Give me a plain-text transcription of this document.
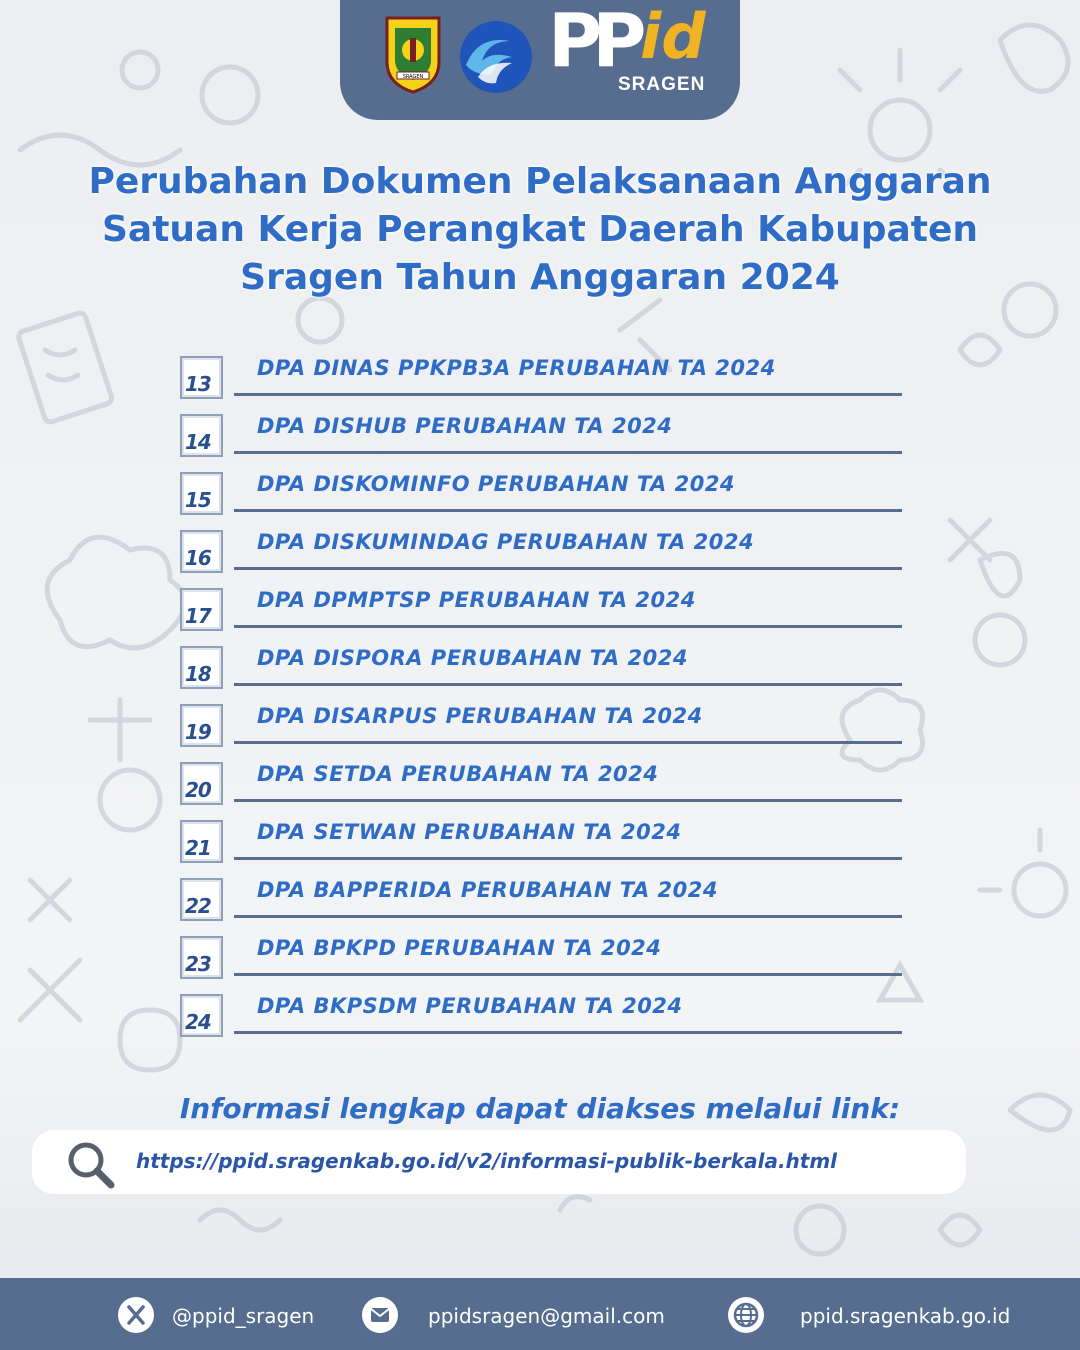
SRAGEN PP id
SRAGEN
Perubahan Dokumen Pelaksanaan Anggaran
Satuan Kerja Perangkat Daerah Kabupaten
Sragen Tahun Anggaran 2024
13
DPA DINAS PPKPB3A PERUBAHAN TA 2024
14
DPA DISHUB PERUBAHAN TA 2024
15
DPA DISKOMINFO PERUBAHAN TA 2024
16
DPA DISKUMINDAG PERUBAHAN TA 2024
17
DPA DPMPTSP PERUBAHAN TA 2024
18
DPA DISPORA PERUBAHAN TA 2024
19
DPA DISARPUS PERUBAHAN TA 2024
20
DPA SETDA PERUBAHAN TA 2024
21
DPA SETWAN PERUBAHAN TA 2024
22
DPA BAPPERIDA PERUBAHAN TA 2024
23
DPA BPKPD PERUBAHAN TA 2024
24
DPA BKPSDM PERUBAHAN TA 2024
Informasi lengkap dapat diakses melalui link:
https://ppid.sragenkab.go.id/v2/informasi-publik-berkala.html
@ppid_sragen	ppidsragen@gmail.com	ppid.sragenkab.go.id
